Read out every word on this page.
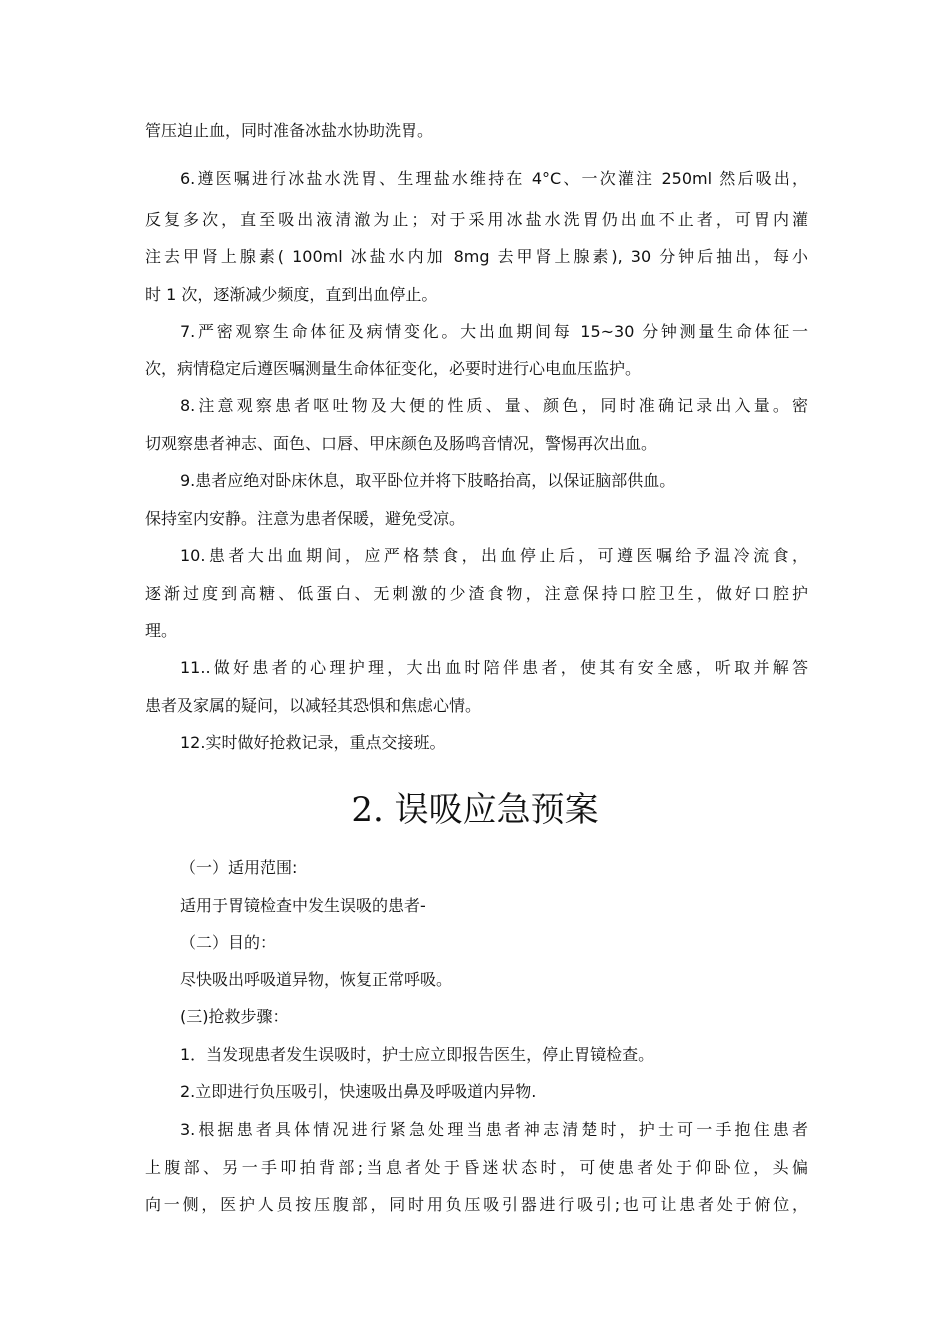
管压迫止血，同时准备冰盐水协助洗胃。
6.遵医嘱进行冰盐水洗胃、生理盐水维持在 4°C、一次灌注 250ml 然后吸出，
反复多次，直至吸出液清澈为止；对于采用冰盐水洗胃仍出血不止者，可胃内灌
注去甲肾上腺素( 100ml 冰盐水内加 8mg 去甲肾上腺素), 30 分钟后抽出，每小
时 1 次，逐渐减少频度，直到出血停止。
7.严密观察生命体征及病情变化。大出血期间每 15~30 分钟测量生命体征一
次，病情稳定后遵医嘱测量生命体征变化，必要时进行心电血压监护。
8.注意观察患者呕吐物及大便的性质、量、颜色，同时准确记录出入量。密
切观察患者神志、面色、口唇、甲床颜色及肠鸣音情况，警惕再次出血。
9.患者应绝对卧床休息，取平卧位并将下肢略抬高，以保证脑部供血。
保持室内安静。注意为患者保暖，避免受凉。
10.患者大出血期间，应严格禁食，出血停止后，可遵医嘱给予温冷流食，
逐渐过度到高糖、低蛋白、无刺激的少渣食物，注意保持口腔卫生，做好口腔护
理。
11..做好患者的心理护理，大出血时陪伴患者，使其有安全感，听取并解答
患者及家属的疑问，以减轻其恐惧和焦虑心情。
12.实时做好抢救记录，重点交接班。
2. 误吸应急预案
（一）适用范围:
适用于胃镜检查中发生误吸的患者-
（二）目的：
尽快吸出呼吸道异物，恢复正常呼吸。
(三)抢救步骤：
1．当发现患者发生误吸时，护士应立即报告医生，停止胃镜检查。
2.立即进行负压吸引，快速吸出鼻及呼吸道内异物.
3.根据患者具体情况进行紧急处理当患者神志清楚时，护士可一手抱住患者
上腹部、另一手叩拍背部;当息者处于昏迷状态时，可使患者处于仰卧位，头偏
向一侧，医护人员按压腹部，同时用负压吸引器进行吸引;也可让患者处于俯位，
